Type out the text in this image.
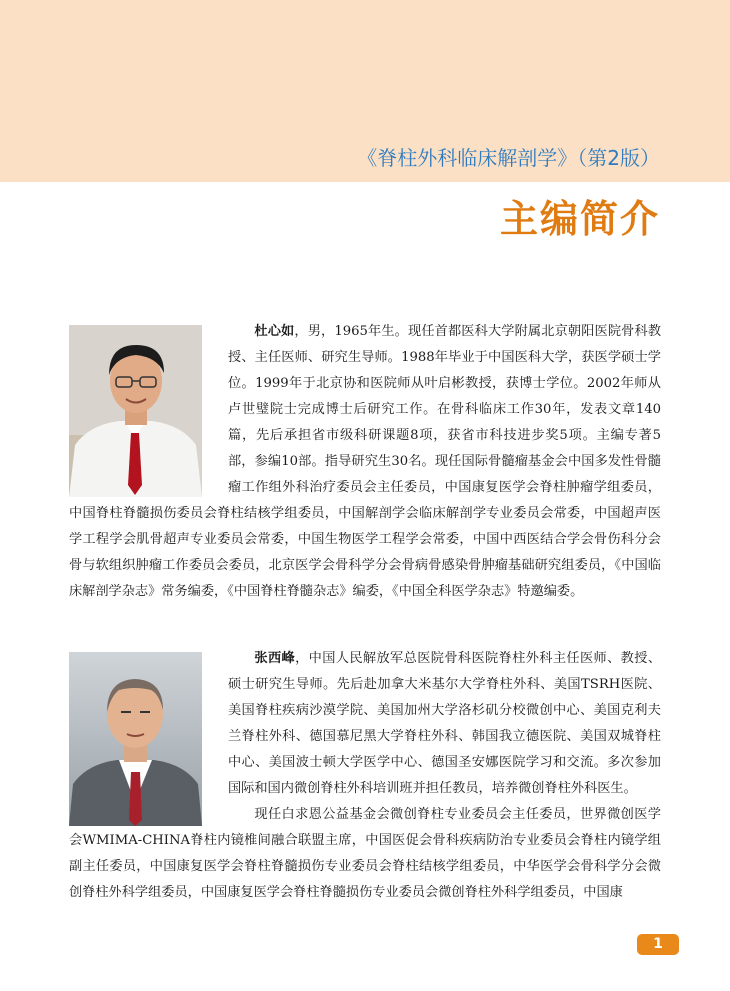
《脊柱外科临床解剖学》（第2版）
主编简介

杜心如，男，1965年生。现任首都医科大学附属北京朝阳医院骨科教授、主任医师、研究生导师。1988年毕业于中国医科大学，获医学硕士学位。1999年于北京协和医院师从叶启彬教授，获博士学位。2002年师从卢世璧院士完成博士后研究工作。在骨科临床工作30年，发表文章140篇，先后承担省市级科研课题8项，获省市科技进步奖5项。主编专著5部，参编10部。指导研究生30名。现任国际骨髓瘤基金会中国多发性骨髓瘤工作组外科治疗委员会主任委员，中国康复医学会脊柱肿瘤学组委员，中国脊柱脊髓损伤委员会脊柱结核学组委员，中国解剖学会临床解剖学专业委员会常委，中国超声医学工程学会肌骨超声专业委员会常委，中国生物医学工程学会常委，中国中西医结合学会骨伤科分会骨与软组织肿瘤工作委员会委员，北京医学会骨科学分会骨病骨感染骨肿瘤基础研究组委员，《中国临床解剖学杂志》常务编委，《中国脊柱脊髓杂志》编委，《中国全科医学杂志》特邀编委。

张西峰，中国人民解放军总医院骨科医院脊柱外科主任医师、教授、硕士研究生导师。先后赴加拿大米基尔大学脊柱外科、美国TSRH医院、美国脊柱疾病沙漠学院、美国加州大学洛杉矶分校微创中心、美国克利夫兰脊柱外科、德国慕尼黑大学脊柱外科、韩国我立德医院、美国双城脊柱中心、美国波士顿大学医学中心、德国圣安娜医院学习和交流。多次参加国际和国内微创脊柱外科培训班并担任教员，培养微创脊柱外科医生。

现任白求恩公益基金会微创脊柱专业委员会主任委员，世界微创医学会WMIMA-CHINA脊柱内镜椎间融合联盟主席，中国医促会骨科疾病防治专业委员会脊柱内镜学组副主任委员，中国康复医学会脊柱脊髓损伤专业委员会脊柱结核学组委员，中华医学会骨科学分会微创脊柱外科学组委员，中国康复医学会脊柱脊髓损伤专业委员会微创脊柱外科学组委员，中国康

1
